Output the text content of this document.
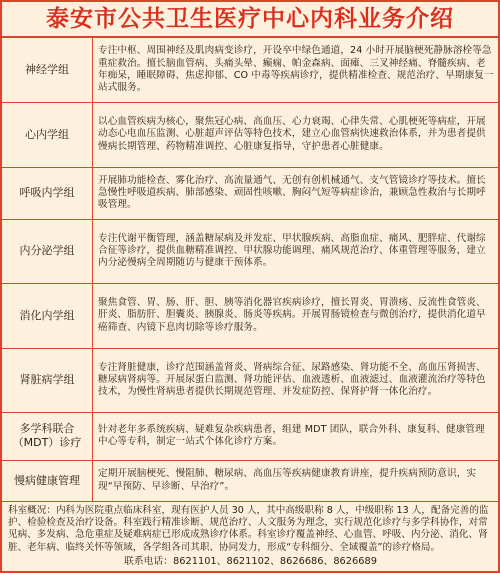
泰安市公共卫生医疗中心内科业务介绍
神经学组	专注中枢、周围神经及肌肉病变诊疗，开设卒中绿色通道，24 小时开展脑梗死静脉溶栓等急重症救治。擅长脑血管病、头痛头晕、癫痫、帕金森病、面瘫、三叉神经痛、脊髓疾病、老年痴呆，睡眠障碍、焦虑抑郁、CO 中毒等疾病诊疗，提供精准检查、规范治疗、早期康复一站式服务。
心内学组	以心血管疾病为核心，聚焦冠心病、高血压、心力衰竭、心律失常、心肌梗死等病症，开展动态心电血压监测、心脏超声评估等特色技术，建立心血管病快速救治体系，并为患者提供慢病长期管理、药物精准调控、心脏康复指导，守护患者心脏健康。
呼吸内学组	开展肺功能检查、雾化治疗、高流量通气、无创有创机械通气、支气管镜诊疗等技术。擅长急慢性呼吸道疾病、肺部感染、顽固性咳嗽、胸闷气短等病症诊治，兼顾急性救治与长期呼吸管理。
内分泌学组	专注代谢平衡管理，涵盖糖尿病及并发症、甲状腺疾病、高脂血症、痛风、肥胖症、代谢综合征等诊疗，提供血糖精准调控、甲状腺功能调理、痛风规范治疗、体重管理等服务，建立内分泌慢病全周期随访与健康干预体系。
消化内学组	聚焦食管、胃、肠、肝、胆、胰等消化器官疾病诊疗，擅长胃炎、胃溃疡、反流性食管炎、肝炎、脂肪肝、胆囊炎、胰腺炎、肠炎等疾病。开展胃肠镜检查与微创治疗，提供消化道早癌筛查、内镜下息肉切除等诊疗服务。
肾脏病学组	专注肾脏健康，诊疗范围涵盖肾炎、肾病综合征、尿路感染、肾功能不全、高血压肾损害、糖尿病肾病等。开展尿蛋白监测、肾功能评估、血液透析、血液滤过、血液灌流治疗等特色技术，为慢性肾病患者提供长期规范管理、并发症防控、保肾护肾一体化治疗。
多学科联合（MDT）诊疗	针对老年多系统疾病、疑难复杂疾病患者，组建 MDT 团队，联合外科、康复科、健康管理中心等专科，制定一站式个体化诊疗方案。
慢病健康管理	定期开展脑梗死、慢阻肺、糖尿病、高血压等疾病健康教育讲座，提升疾病预防意识，实现“早预防、早诊断、早治疗”。
科室概况：内科为医院重点临床科室，现有医护人员 30 人，其中高级职称 8 人，中级职称 13 人，配备完善的监护、检验检查及治疗设备。科室践行精准诊断、规范治疗、人文服务为理念，实行规范化诊疗与多学科协作，对常见病、多发病、急危重症及疑难病症已形成成熟诊疗体系。科室诊疗覆盖神经、心血管、呼吸、内分泌、消化、肾脏、老年病、临终关怀等领域，各学组各司其职、协同发力，形成“专科细分、全域覆盖”的诊疗格局。
联系电话：8621101、8621102、8626686、8626689
